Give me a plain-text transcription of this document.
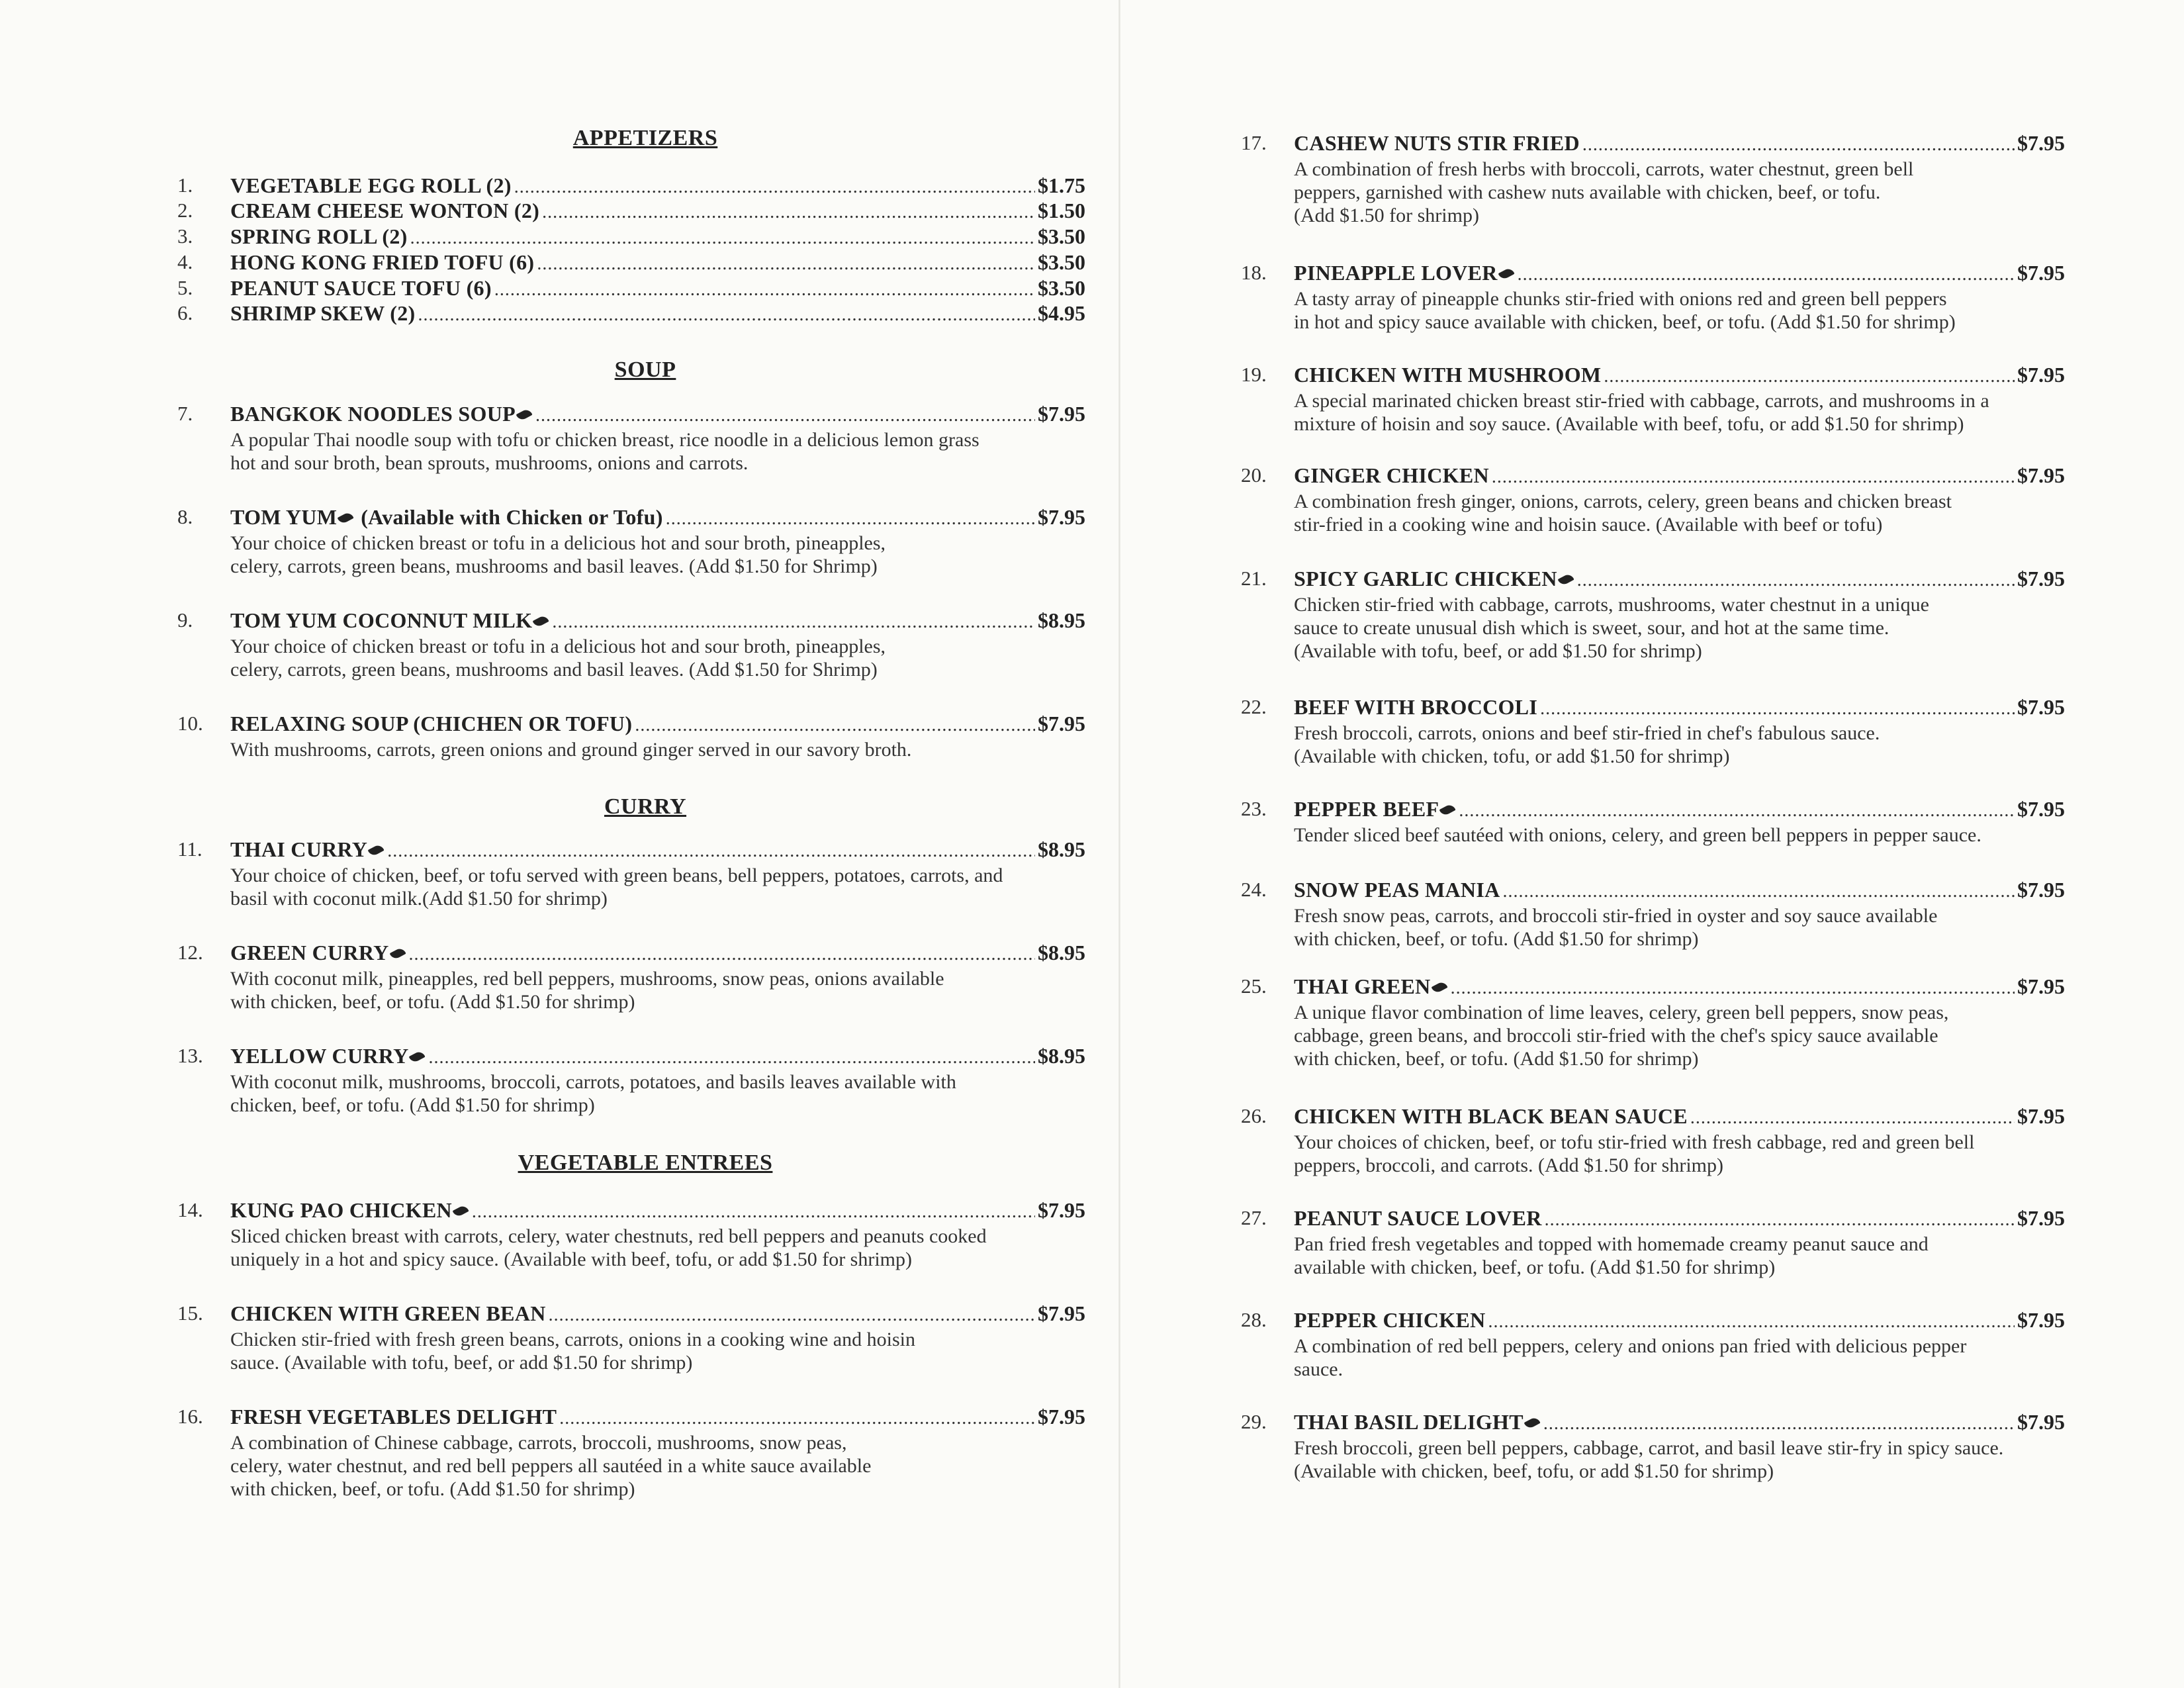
APPETIZERS
1. VEGETABLE EGG ROLL (2) .....	$1.75
2. CREAM CHEESE WONTON (2) .....	$1.50
3. SPRING ROLL (2) .....	$3.50
4. HONG KONG FRIED TOFU (6) .....	$3.50
5. PEANUT SAUCE TOFU (6) .....	$3.50
6. SHRIMP SKEW (2) .....	$4.95
SOUP
7. BANGKOK NOODLES SOUP .....	$7.95
A popular Thai noodle soup with tofu or chicken breast, rice noodle in a delicious lemon grass
hot and sour broth, bean sprouts, mushrooms, onions and carrots.
8. TOM YUM (Available with Chicken or Tofu) .....	$7.95
Your choice of chicken breast or tofu in a delicious hot and sour broth, pineapples,
celery, carrots, green beans, mushrooms and basil leaves. (Add $1.50 for Shrimp)
9. TOM YUM COCONNUT MILK .....	$8.95
Your choice of chicken breast or tofu in a delicious hot and sour broth, pineapples,
celery, carrots, green beans, mushrooms and basil leaves. (Add $1.50 for Shrimp)
10. RELAXING SOUP (CHICHEN OR TOFU) .....	$7.95
With mushrooms, carrots, green onions and ground ginger served in our savory broth.
CURRY
11. THAI CURRY .....	$8.95
Your choice of chicken, beef, or tofu served with green beans, bell peppers, potatoes, carrots, and
basil with coconut milk.(Add $1.50 for shrimp)
12. GREEN CURRY .....	$8.95
With coconut milk, pineapples, red bell peppers, mushrooms, snow peas, onions available
with chicken, beef, or tofu. (Add $1.50 for shrimp)
13. YELLOW CURRY .....	$8.95
With coconut milk, mushrooms, broccoli, carrots, potatoes, and basils leaves available with
chicken, beef, or tofu. (Add $1.50 for shrimp)
VEGETABLE ENTREES
14. KUNG PAO CHICKEN .....	$7.95
Sliced chicken breast with carrots, celery, water chestnuts, red bell peppers and peanuts cooked
uniquely in a hot and spicy sauce. (Available with beef, tofu, or add $1.50 for shrimp)
15. CHICKEN WITH GREEN BEAN .....	$7.95
Chicken stir-fried with fresh green beans, carrots, onions in a cooking wine and hoisin
sauce. (Available with tofu, beef, or add $1.50 for shrimp)
16. FRESH VEGETABLES DELIGHT .....	$7.95
A combination of Chinese cabbage, carrots, broccoli, mushrooms, snow peas,
celery, water chestnut, and red bell peppers all sautéed in a white sauce available
with chicken, beef, or tofu. (Add $1.50 for shrimp)
17. CASHEW NUTS STIR FRIED .....	$7.95
A combination of fresh herbs with broccoli, carrots, water chestnut, green bell
peppers, garnished with cashew nuts available with chicken, beef, or tofu.
(Add $1.50 for shrimp)
18. PINEAPPLE LOVER .....	$7.95
A tasty array of pineapple chunks stir-fried with onions red and green bell peppers
in hot and spicy sauce available with chicken, beef, or tofu. (Add $1.50 for shrimp)
19. CHICKEN WITH MUSHROOM .....	$7.95
A special marinated chicken breast stir-fried with cabbage, carrots, and mushrooms in a
mixture of hoisin and soy sauce. (Available with beef, tofu, or add $1.50 for shrimp)
20. GINGER CHICKEN .....	$7.95
A combination fresh ginger, onions, carrots, celery, green beans and chicken breast
stir-fried in a cooking wine and hoisin sauce. (Available with beef or tofu)
21. SPICY GARLIC CHICKEN .....	$7.95
Chicken stir-fried with cabbage, carrots, mushrooms, water chestnut in a unique
sauce to create unusual dish which is sweet, sour, and hot at the same time.
(Available with tofu, beef, or add $1.50 for shrimp)
22. BEEF WITH BROCCOLI .....	$7.95
Fresh broccoli, carrots, onions and beef stir-fried in chef's fabulous sauce.
(Available with chicken, tofu, or add $1.50 for shrimp)
23. PEPPER BEEF .....	$7.95
Tender sliced beef sautéed with onions, celery, and green bell peppers in pepper sauce.
24. SNOW PEAS MANIA .....	$7.95
Fresh snow peas, carrots, and broccoli stir-fried in oyster and soy sauce available
with chicken, beef, or tofu. (Add $1.50 for shrimp)
25. THAI GREEN .....	$7.95
A unique flavor combination of lime leaves, celery, green bell peppers, snow peas,
cabbage, green beans, and broccoli stir-fried with the chef's spicy sauce available
with chicken, beef, or tofu. (Add $1.50 for shrimp)
26. CHICKEN WITH BLACK BEAN SAUCE .....	$7.95
Your choices of chicken, beef, or tofu stir-fried with fresh cabbage, red and green bell
peppers, broccoli, and carrots. (Add $1.50 for shrimp)
27. PEANUT SAUCE LOVER .....	$7.95
Pan fried fresh vegetables and topped with homemade creamy peanut sauce and
available with chicken, beef, or tofu. (Add $1.50 for shrimp)
28. PEPPER CHICKEN .....	$7.95
A combination of red bell peppers, celery and onions pan fried with delicious pepper
sauce.
29. THAI BASIL DELIGHT .....	$7.95
Fresh broccoli, green bell peppers, cabbage, carrot, and basil leave stir-fry in spicy sauce.
(Available with chicken, beef, tofu, or add $1.50 for shrimp)
